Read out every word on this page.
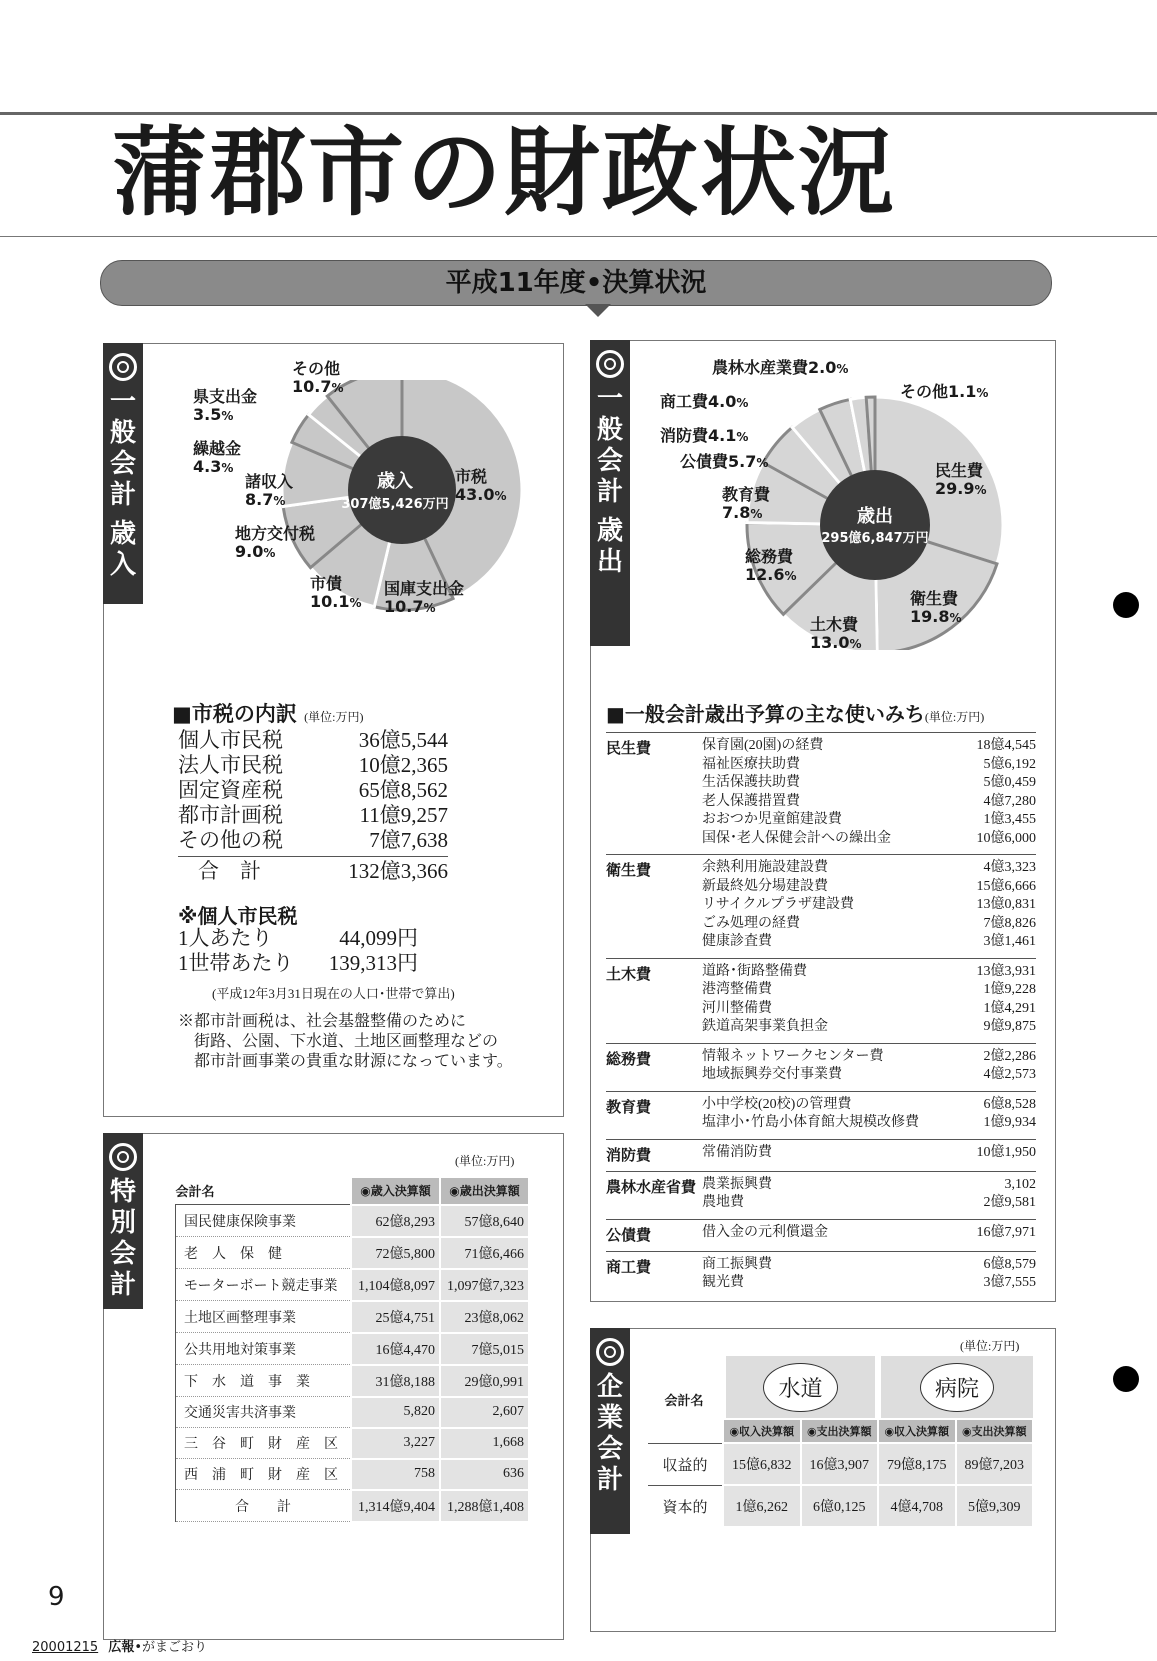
蒲郡市の財政状況
平成11年度•決算状況
一
般
会
計
歳
入
歳入
307億5,426万円
市税
43.0%
国庫支出金
10.7%
市債
10.1%
地方交付税
9.0%
諸収入
8.7%
繰越金
4.3%
県支出金
3.5%
その他
10.7%
■市税の内訳 (単位:万円)
個人市民税	36億5,544
法人市民税	10億2,365
固定資産税	65億8,562
都市計画税	11億9,257
その他の税	7億7,638
合　計	132億3,366
※個人市民税
1人あたり	44,099円
1世帯あたり 139,313円
(平成12年3月31日現在の人口･世帯で算出)
※都市計画税は、社会基盤整備のために
街路、公園、下水道、土地区画整理などの
都市計画事業の貴重な財源になっています。
一
般
会
計
歳
出
歳出
295億6,847万円
民生費
29.9%
衛生費
19.8%
土木費
13.0%
総務費
12.6%
教育費
7.8%
公債費5.7%
消防費4.1%
商工費4.0%
農林水産業費2.0%
その他1.1%
■一般会計歳出予算の主な使いみち(単位:万円)
民生費	保育園(20園)の経費	18億4,545
福祉医療扶助費	5億6,192
生活保護扶助費	5億0,459
老人保護措置費	4億7,280
おおつか児童館建設費	1億3,455
国保･老人保健会計への繰出金	10億6,000
衛生費	余熱利用施設建設費	4億3,323
新最終処分場建設費	15億6,666
リサイクルプラザ建設費	13億0,831
ごみ処理の経費	7億8,826
健康診査費	3億1,461
土木費	道路･街路整備費	13億3,931
港湾整備費	1億9,228
河川整備費	1億4,291
鉄道高架事業負担金	9億9,875
総務費	情報ネットワークセンター費	2億2,286
地域振興券交付事業費	4億2,573
教育費	小中学校(20校)の管理費	6億8,528
塩津小･竹島小体育館大規模改修費	1億9,934
消防費	常備消防費	10億1,950
農林水産省費 農業振興費	3,102
農地費	2億9,581
公債費	借入金の元利償還金	16億7,971
商工費	商工振興費	6億8,579
観光費	3億7,555
特
別
会
計
(単位:万円)
会計名	◉歳入決算額	◉歳出決算額
国民健康保険事業	62億8,293	57億8,640
老　人　保　健	72億5,800	71億6,466
モーターボート競走事業	1,104億8,097	1,097億7,323
土地区画整理事業	25億4,751	23億8,062
公共用地対策事業	16億4,470	7億5,015
下　水　道　事　業	31億8,188	29億0,991
交通災害共済事業	5,820	2,607
三　谷　町　財　産　区	3,227	1,668
西　浦　町　財　産　区	758	636
合　　計	1,314億9,404	1,288億1,408
企
業
会
計
(単位:万円)
会計名	水道		病院	
	◉収入決算額	◉支出決算額	◉収入決算額	◉支出決算額
収益的	15億6,832	16億3,907	79億8,175	89億7,203
資本的	1億6,262	6億0,125	4億4,708	5億9,309
9
20001215 広報•がまごおり
